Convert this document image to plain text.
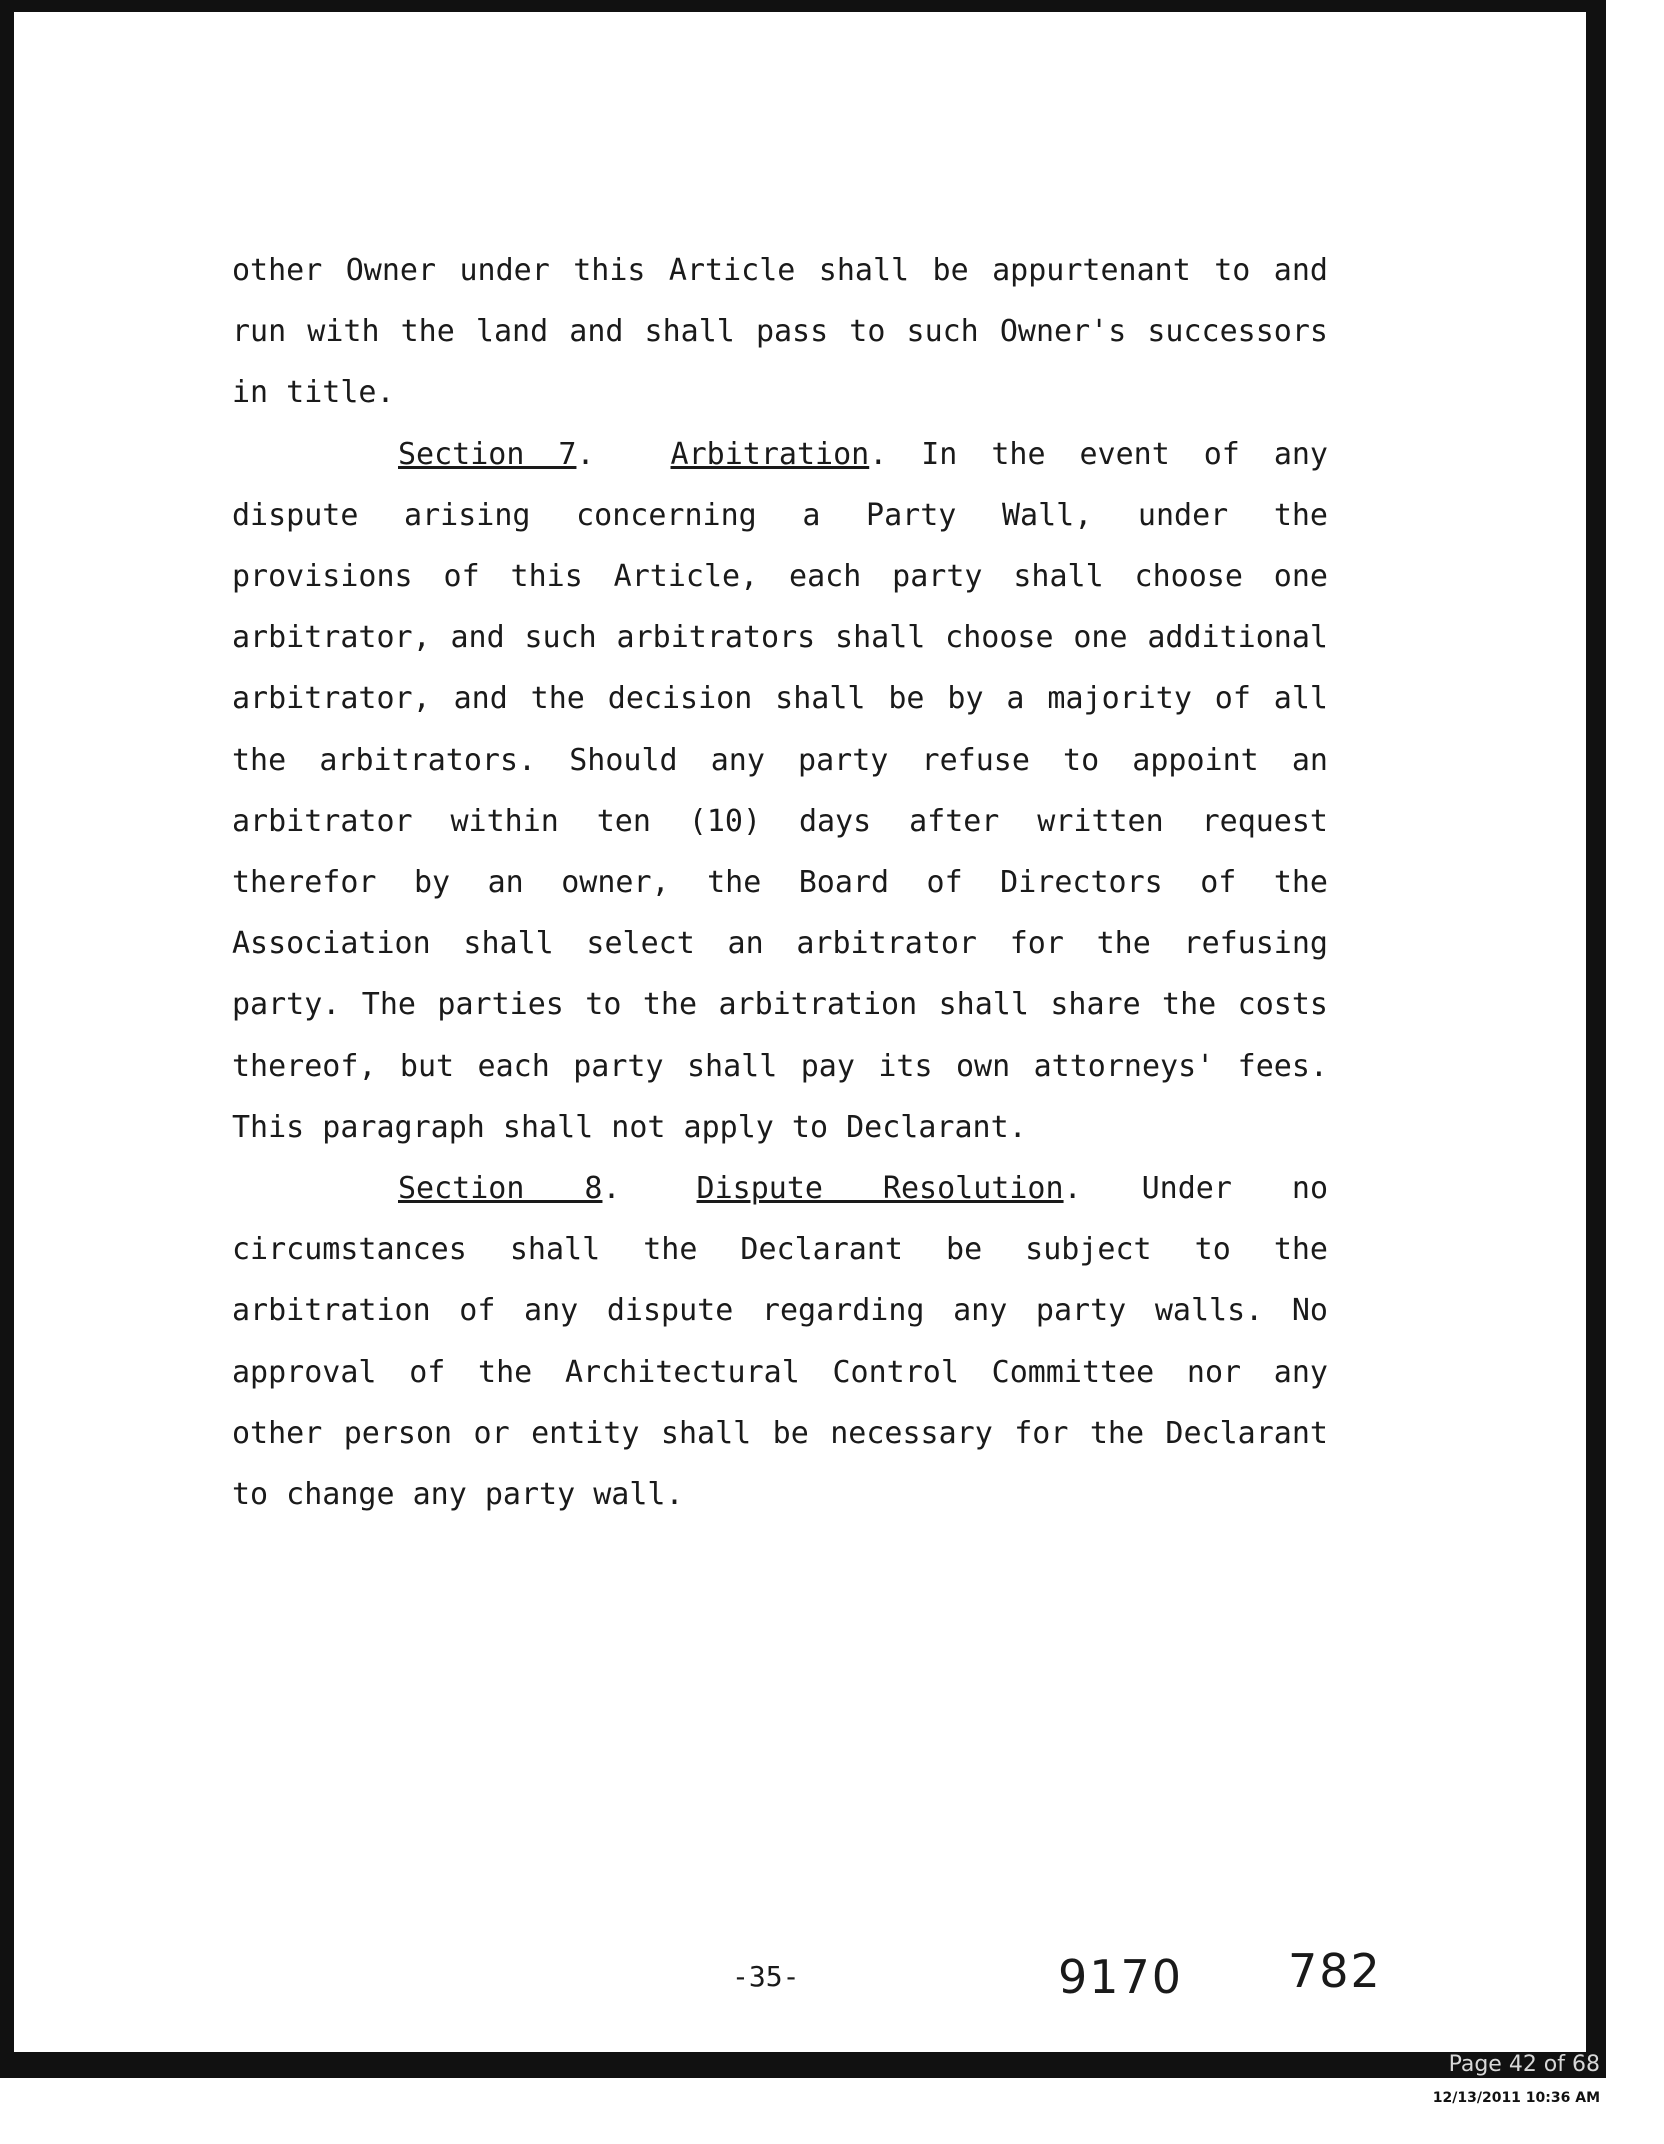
other Owner under this Article shall be appurtenant to and run with the land and shall pass to such Owner's successors in title.

Section 7.	Arbitration. In the event of any dispute arising concerning a Party Wall, under the provisions of this Article, each party shall choose one arbitrator, and such arbitrators shall choose one additional arbitrator, and the decision shall be by a majority of all the arbitrators. Should any party refuse to appoint an arbitrator within ten (10) days after written request therefor by an owner, the Board of Directors of the Association shall select an arbitrator for the refusing party. The parties to the arbitration shall share the costs thereof, but each party shall pay its own attorneys' fees. This paragraph shall not apply to Declarant.

Section 8.	Dispute Resolution. Under no circumstances shall the Declarant be subject to the arbitration of any dispute regarding any party walls. No approval of the Architectural Control Committee nor any other person or entity shall be necessary for the Declarant to change any party wall.

-35-	9170 782
Page 42 of 68
12/13/2011 10:36 AM
